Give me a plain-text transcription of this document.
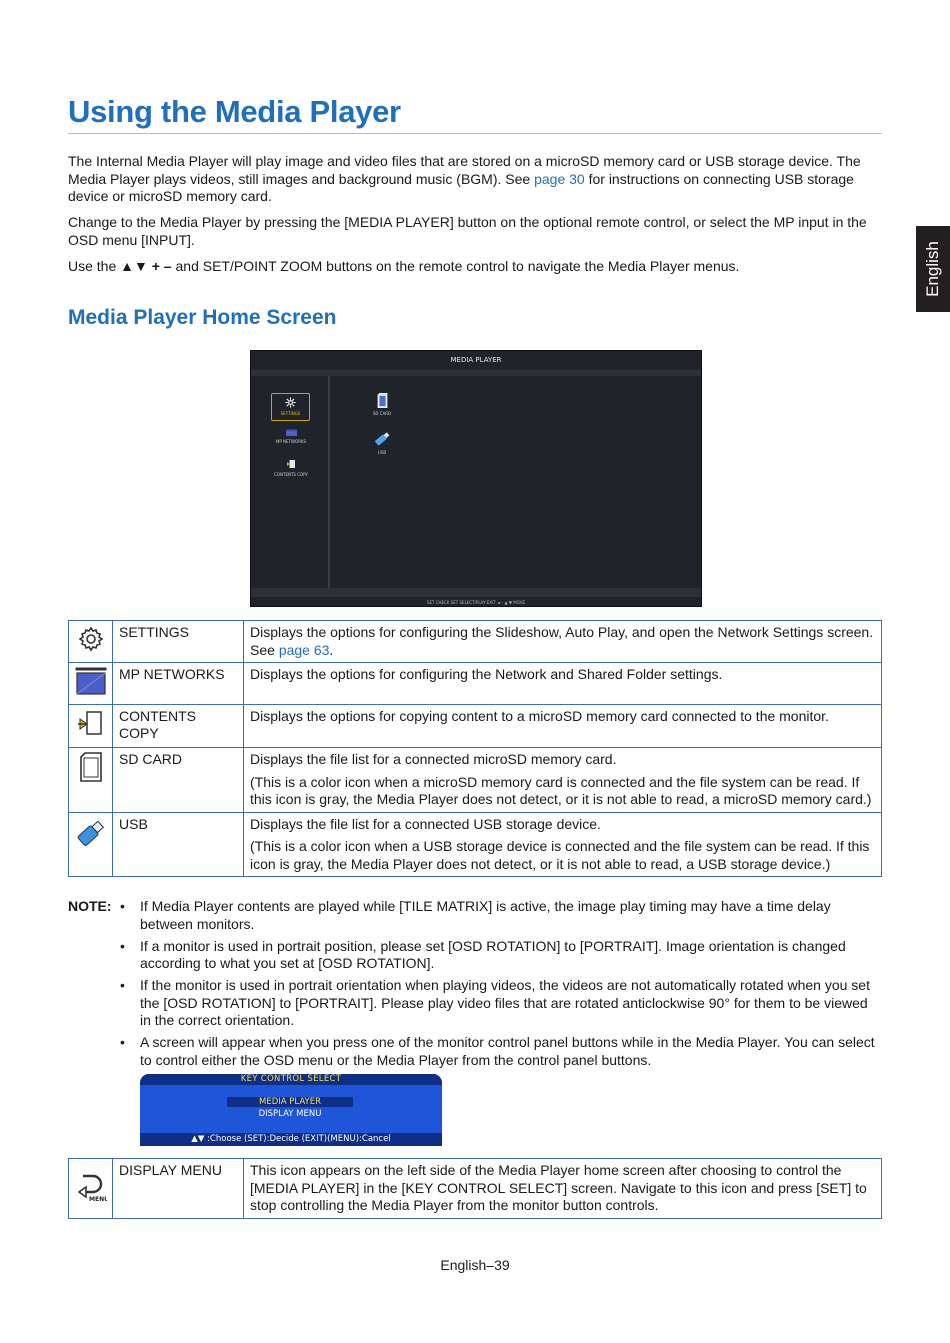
Using the Media Player
English

The Internal Media Player will play image and video files that are stored on a microSD memory card or USB storage device. The Media Player plays videos, still images and background music (BGM). See page 30 for instructions on connecting USB storage device or microSD memory card.

Change to the Media Player by pressing the [MEDIA PLAYER] button on the optional remote control, or select the MP input in the OSD menu [INPUT].

Use the ▲▼ + – and SET/POINT ZOOM buttons on the remote control to navigate the Media Player menus.

Media Player Home Screen
MEDIA PLAYER
SETTINGS
MP NETWORKS
CONTENTS COPY
SD CARD
USB
SET CHECK SET SELECT/PLAY EXIT ◄ – ▲ ▼ MOVE
	SETTINGS	Displays the options for configuring the Slideshow, Auto Play, and open the Network Settings screen. See page 63.

	MP NETWORKS	Displays the options for configuring the Network and Shared Folder settings.

	CONTENTS COPY	Displays the options for copying content to a microSD memory card connected to the monitor.

	SD CARD	Displays the file list for a connected microSD memory card.

(This is a color icon when a microSD memory card is connected and the file system can be read. If this icon is gray, the Media Player does not detect, or it is not able to read, a microSD memory card.)

	USB	Displays the file list for a connected USB storage device.

(This is a color icon when a USB storage device is connected and the file system can be read. If this icon is gray, the Media Player does not detect, or it is not able to read, a USB storage device.)

NOTE: • If Media Player contents are played while [TILE MATRIX] is active, the image play timing may have a time delay between monitors.
• If a monitor is used in portrait position, please set [OSD ROTATION] to [PORTRAIT]. Image orientation is changed according to what you set at [OSD ROTATION].
• If the monitor is used in portrait orientation when playing videos, the videos are not automatically rotated when you set the [OSD ROTATION] to [PORTRAIT]. Please play video files that are rotated anticlockwise 90° for them to be viewed in the correct orientation.
• A screen will appear when you press one of the monitor control panel buttons while in the Media Player. You can select to control either the OSD menu or the Media Player from the control panel buttons.
KEY CONTROL SELECT
MEDIA PLAYER
DISPLAY MENU
▲▼ :Choose (SET):Decide (EXIT)(MENU):Cancel
MENU
	DISPLAY MENU	This icon appears on the left side of the Media Player home screen after choosing to control the [MEDIA PLAYER] in the [KEY CONTROL SELECT] screen. Navigate to this icon and press [SET] to stop controlling the Media Player from the monitor button controls.

English–39
